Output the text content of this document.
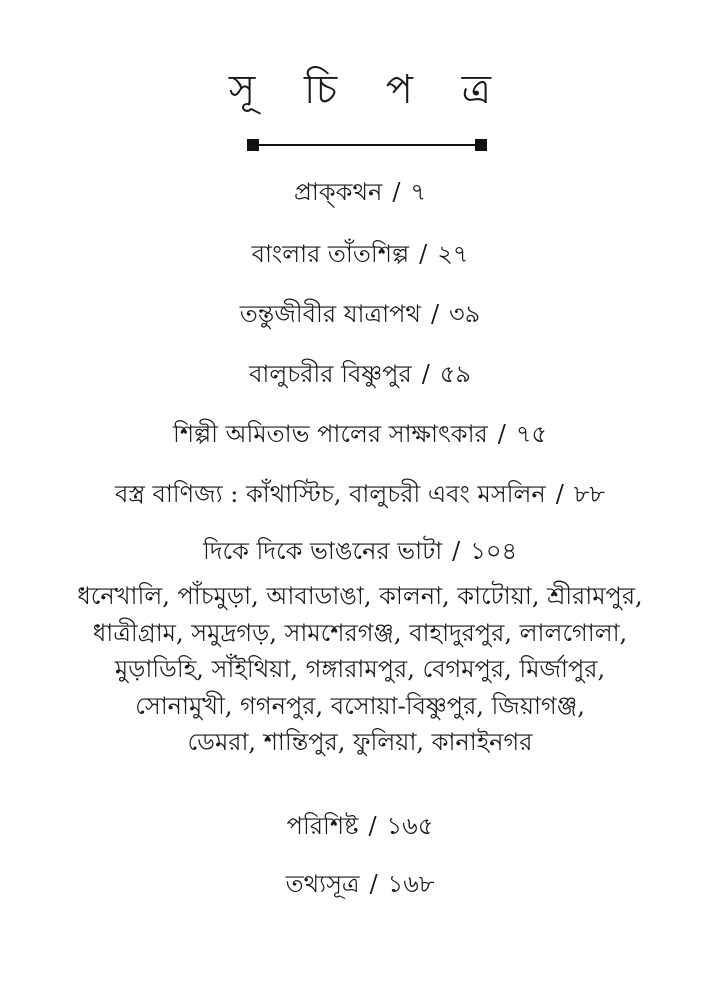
সূ চি প ত্র
প্রাক্‌কথন / ৭
বাংলার তাঁতশিল্প / ২৭
তন্তুজীবীর যাত্রাপথ / ৩৯
বালুচরীর বিষ্ণুপুর / ৫৯
শিল্পী অমিতাভ পালের সাক্ষাৎকার / ৭৫
বস্ত্র বাণিজ্য : কাঁথাস্টিচ, বালুচরী এবং মসলিন / ৮৮
দিকে দিকে ভাঙনের ভাটা / ১০৪
ধনেখালি, পাঁচমুড়া, আবাডাঙা, কালনা, কাটোয়া, শ্রীরামপুর,
ধাত্রীগ্রাম, সমুদ্রগড়, সামশেরগঞ্জ, বাহাদুরপুর, লালগোলা,
মুড়াডিহি, সাঁইথিয়া, গঙ্গারামপুর, বেগমপুর, মির্জাপুর,
সোনামুখী, গগনপুর, বসোয়া-বিষ্ণুপুর, জিয়াগঞ্জ,
ডেমরা, শান্তিপুর, ফুলিয়া, কানাইনগর
পরিশিষ্ট / ১৬৫
তথ্যসূত্র / ১৬৮
